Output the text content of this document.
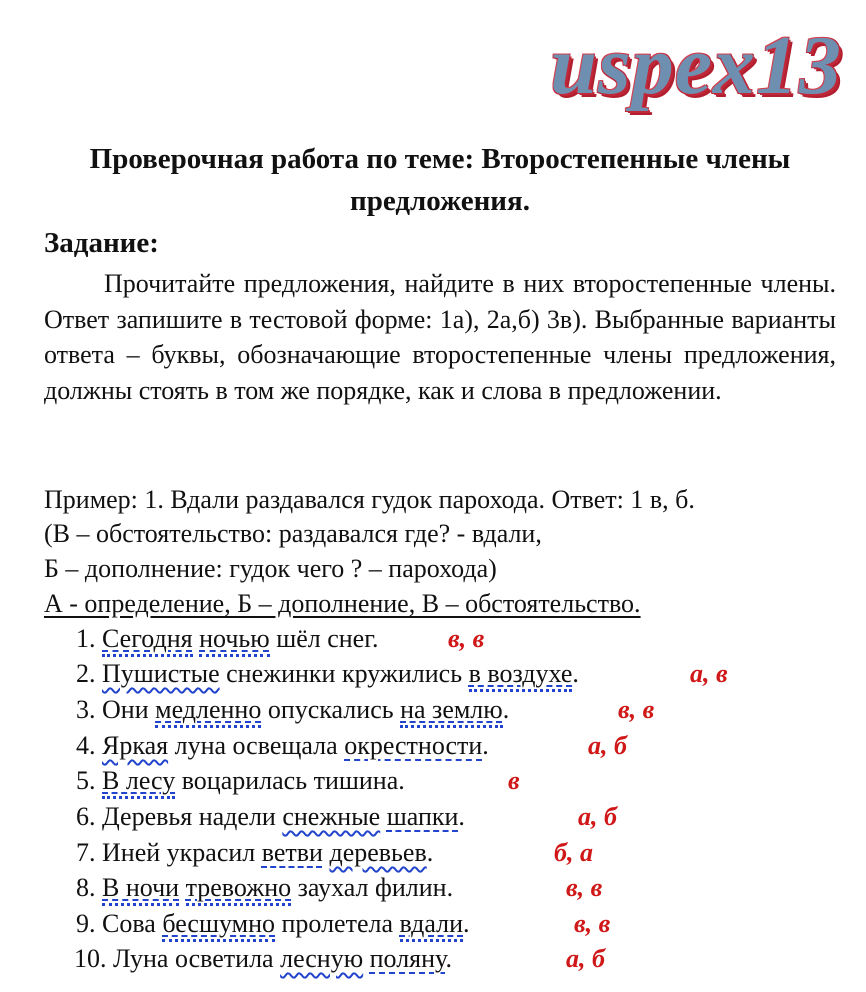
uspex13
Проверочная работа по теме: Второстепенные члены предложения.
Задание:
Прочитайте предложения, найдите в них второстепенные члены. Ответ запишите в тестовой форме: 1а), 2а,б) 3в). Выбранные варианты ответа – буквы, обозначающие второстепенные члены предложения, должны стоять в том же порядке, как и слова в предложении.
Пример: 1. Вдали раздавался гудок парохода. Ответ: 1 в, б.
(В – обстоятельство: раздавался где? - вдали,
Б – дополнение: гудок чего ? – парохода)
А - определение, Б – дополнение, В – обстоятельство.
1. Сегодня ночью шёл снег.	в, в
2. Пушистые снежинки кружились в воздухе.	а, в
3. Они медленно опускались на землю.	в, в
4. Яркая луна освещала окрестности.	а, б
5. В лесу воцарилась тишина.	в
6. Деревья надели снежные шапки.	а, б
7. Иней украсил ветви деревьев.	б, а
8. В ночи тревожно заухал филин.	в, в
9. Сова бесшумно пролетела вдали.	в, в
10. Луна осветила лесную поляну.	а, б
